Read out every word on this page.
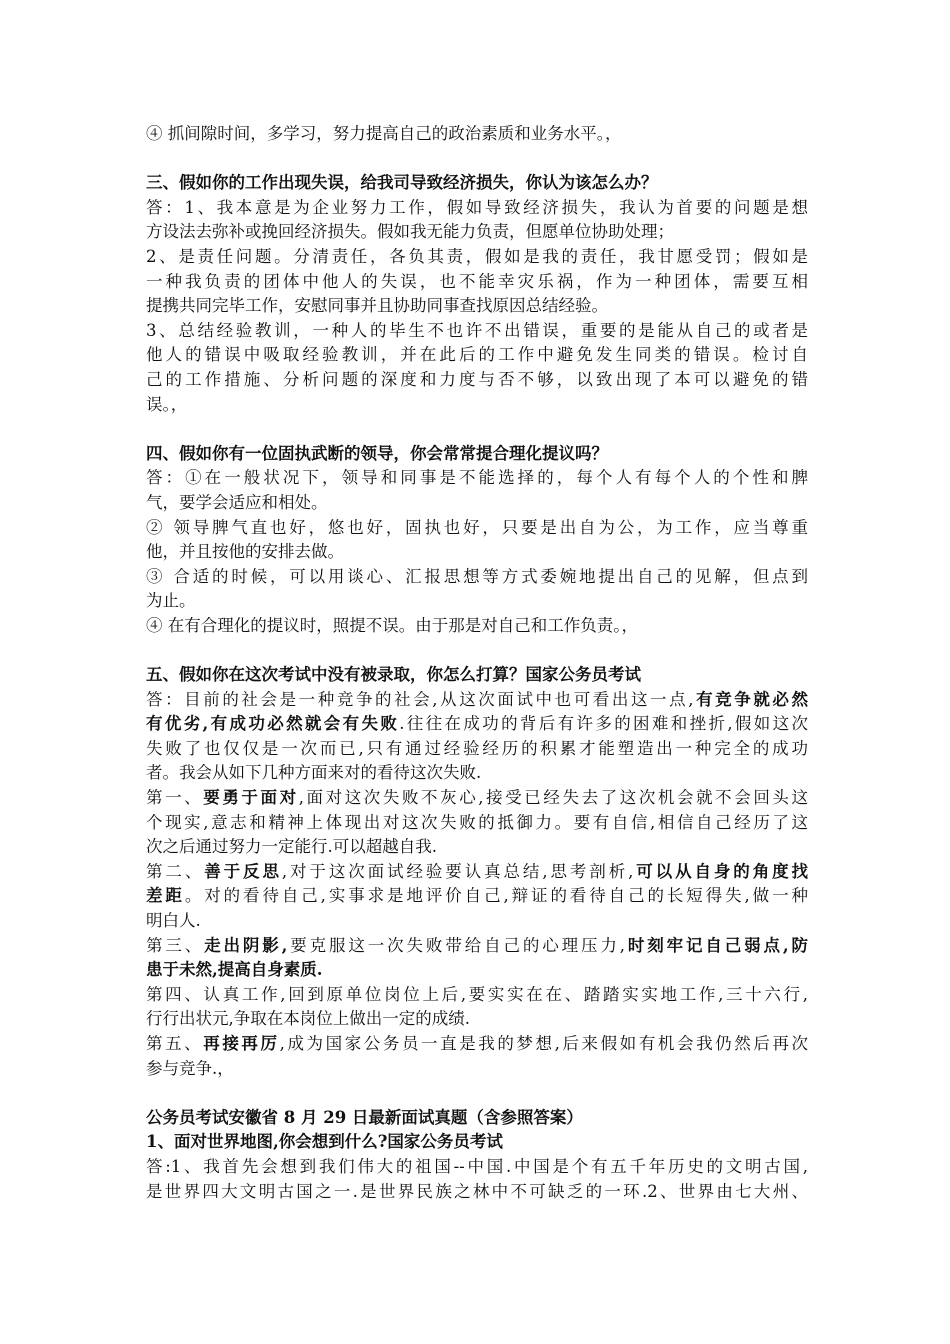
④ 抓间隙时间，多学习，努力提高自己的政治素质和业务水平。，
三、假如你的工作出现失误，给我司导致经济损失，你认为该怎么办？
答：1、我本意是为企业努力工作，假如导致经济损失，我认为首要的问题是想
方设法去弥补或挽回经济损失。假如我无能力负责，但愿单位协助处理；
2、是责任问题。分清责任，各负其责，假如是我的责任，我甘愿受罚；假如是
一种我负责的团体中他人的失误，也不能幸灾乐祸，作为一种团体，需要互相
提携共同完毕工作，安慰同事并且协助同事查找原因总结经验。
3、总结经验教训，一种人的毕生不也许不出错误，重要的是能从自己的或者是
他人的错误中吸取经验教训，并在此后的工作中避免发生同类的错误。检讨自
己的工作措施、分析问题的深度和力度与否不够，以致出现了本可以避免的错
误。，
四、假如你有一位固执武断的领导，你会常常提合理化提议吗？
答：①在一般状况下，领导和同事是不能选择的，每个人有每个人的个性和脾
气，要学会适应和相处。
② 领导脾气直也好，悠也好，固执也好，只要是出自为公，为工作，应当尊重
他，并且按他的安排去做。
③ 合适的时候，可以用谈心、汇报思想等方式委婉地提出自己的见解，但点到
为止。
④ 在有合理化的提议时，照提不误。由于那是对自己和工作负责。，
五、假如你在这次考试中没有被录取，你怎么打算？国家公务员考试
答：目前的社会是一种竞争的社会,从这次面试中也可看出这一点,有竞争就必然
有优劣,有成功必然就会有失败.往往在成功的背后有许多的困难和挫折,假如这次
失败了也仅仅是一次而已,只有通过经验经历的积累才能塑造出一种完全的成功
者。我会从如下几种方面来对的看待这次失败.
第一、要勇于面对,面对这次失败不灰心,接受已经失去了这次机会就不会回头这
个现实,意志和精神上体现出对这次失败的抵御力。要有自信,相信自己经历了这
次之后通过努力一定能行.可以超越自我.
第二、善于反思,对于这次面试经验要认真总结,思考剖析,可以从自身的角度找
差距。对的看待自己,实事求是地评价自己,辩证的看待自己的长短得失,做一种
明白人.
第三、走出阴影,要克服这一次失败带给自己的心理压力,时刻牢记自己弱点,防
患于未然,提高自身素质.
第四、认真工作,回到原单位岗位上后,要实实在在、踏踏实实地工作,三十六行,
行行出状元,争取在本岗位上做出一定的成绩.
第五、再接再厉,成为国家公务员一直是我的梦想,后来假如有机会我仍然后再次
参与竞争.，
公务员考试安徽省 8 月 29 日最新面试真题（含参照答案）
1、面对世界地图,你会想到什么?国家公务员考试
答:1、我首先会想到我们伟大的祖国--中国.中国是个有五千年历史的文明古国,
是世界四大文明古国之一.是世界民族之林中不可缺乏的一环.2、世界由七大州、
